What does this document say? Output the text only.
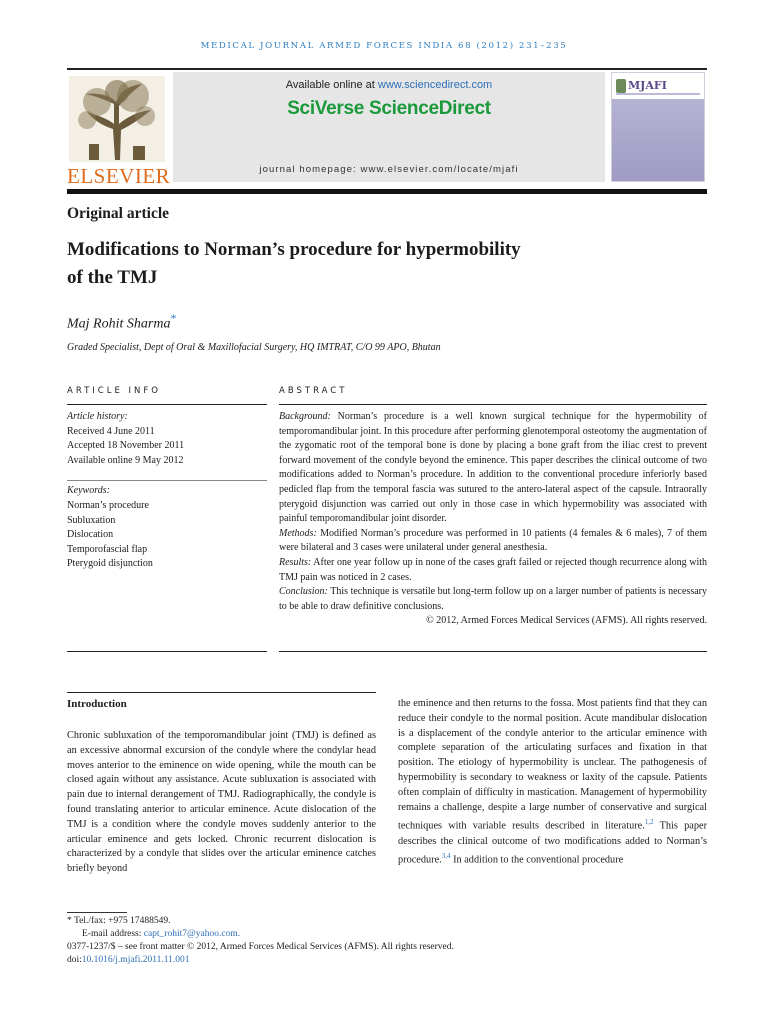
MEDICAL JOURNAL ARMED FORCES INDIA 68 (2012) 231–235
ELSEVIER
Available online at www.sciencedirect.com
SciVerse ScienceDirect
journal homepage: www.elsevier.com/locate/mjafi
MJAFI
Original article
Modifications to Norman’s procedure for hypermobility
of the TMJ
Maj Rohit Sharma*
Graded Specialist, Dept of Oral & Maxillofacial Surgery, HQ IMTRAT, C/O 99 APO, Bhutan
ARTICLE INFO	ABSTRACT
Article history:
Received 4 June 2011
Accepted 18 November 2011
Available online 9 May 2012
Keywords:
Norman’s procedure
Subluxation
Dislocation
Temporofascial flap
Pterygoid disjunction

Background: Norman’s procedure is a well known surgical technique for the hypermobility of temporomandibular joint. In this procedure after performing glenotemporal osteotomy the augmentation of the zygomatic root of the temporal bone is done by placing a bone graft from the iliac crest to prevent forward movement of the condyle beyond the eminence. This paper describes the clinical outcome of two modifications added to Norman’s procedure. In addition to the conventional procedure inferiorly based pedicled flap from the temporal fascia was sutured to the antero-lateral aspect of the capsule. Intraorally pterygoid disjunction was carried out only in those case in which hypermobility was associated with painful temporomandibular joint disorder.

Methods: Modified Norman’s procedure was performed in 10 patients (4 females & 6 males), 7 of them were bilateral and 3 cases were unilateral under general anesthesia.

Results: After one year follow up in none of the cases graft failed or rejected though recurrence along with TMJ pain was noticed in 2 cases.

Conclusion: This technique is versatile but long-term follow up on a larger number of patients is necessary to be able to draw definitive conclusions.

© 2012, Armed Forces Medical Services (AFMS). All rights reserved.

Introduction

Chronic subluxation of the temporomandibular joint (TMJ) is defined as an excessive abnormal excursion of the condyle where the condylar head moves anterior to the eminence on wide opening, while the mouth can be closed again without any assistance. Acute subluxation is associated with pain due to internal derangement of TMJ. Radiographically, the condyle is found translating anterior to articular eminence. Acute dislocation of the TMJ is a condition where the condyle moves suddenly anterior to the articular eminence and gets locked. Chronic recurrent dislocation is characterized by a condyle that slides over the articular eminence catches briefly beyond

the eminence and then returns to the fossa. Most patients find that they can reduce their condyle to the normal position. Acute mandibular dislocation is a displacement of the condyle anterior to the articular eminence with complete separation of the articulating surfaces and fixation in that position. The etiology of hypermobility is unclear. The pathogenesis of hypermobility is secondary to weakness or laxity of the capsule. Patients often complain of difficulty in mastication. Management of hypermobility remains a challenge, despite a large number of conservative and surgical techniques with variable results described in literature.$^{1,2}$ This paper describes the clinical outcome of two modifications added to Norman’s procedure.$^{3,4}$ In addition to the conventional procedure

* Tel./fax: +975 17488549.
E-mail address: capt_rohit7@yahoo.com.
0377-1237/$ – see front matter © 2012, Armed Forces Medical Services (AFMS). All rights reserved.
doi:10.1016/j.mjafi.2011.11.001
